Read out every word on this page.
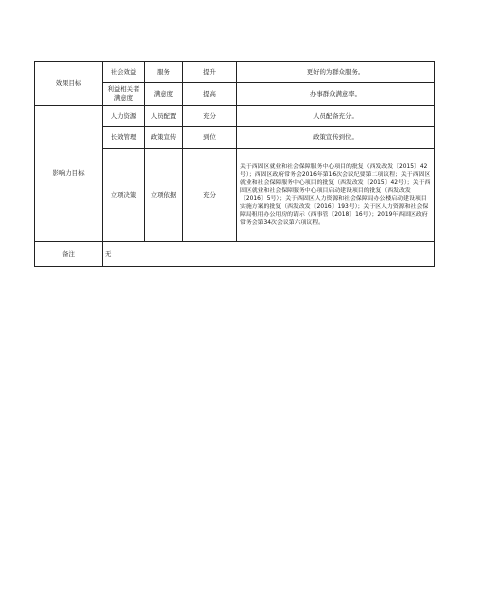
效果目标	社会效益	服务	提升	更好的为群众服务。
	利益相关者满意度	满意度	提高	办事群众满意率。
影响力目标	人力资源	人员配置	充分	人员配备充分。
	长效管理	政策宣传	到位	政策宣传到位。
	立项决策	立项依据	充分	关于西固区就业和社会保障服务中心项目的批复（西发改发〔2015〕42号）；西固区政府常务会2016年第16次会议纪要第二项议程；关于西固区就业和社会保障服务中心项目的批复（西发改发〔2015〕42号）；关于西固区就业和社会保障服务中心项目启动建设项目的批复（西发改发〔2016〕5号）；关于西固区人力资源和社会保障局办公楼启动建设项目实施方案的批复（西发改发〔2016〕193号）；关于区人力资源和社会保障局租用办公用房的请示（西事管〔2018〕16号）；2019年西固区政府常务会第34次会议第六项议程。
备注	无			
